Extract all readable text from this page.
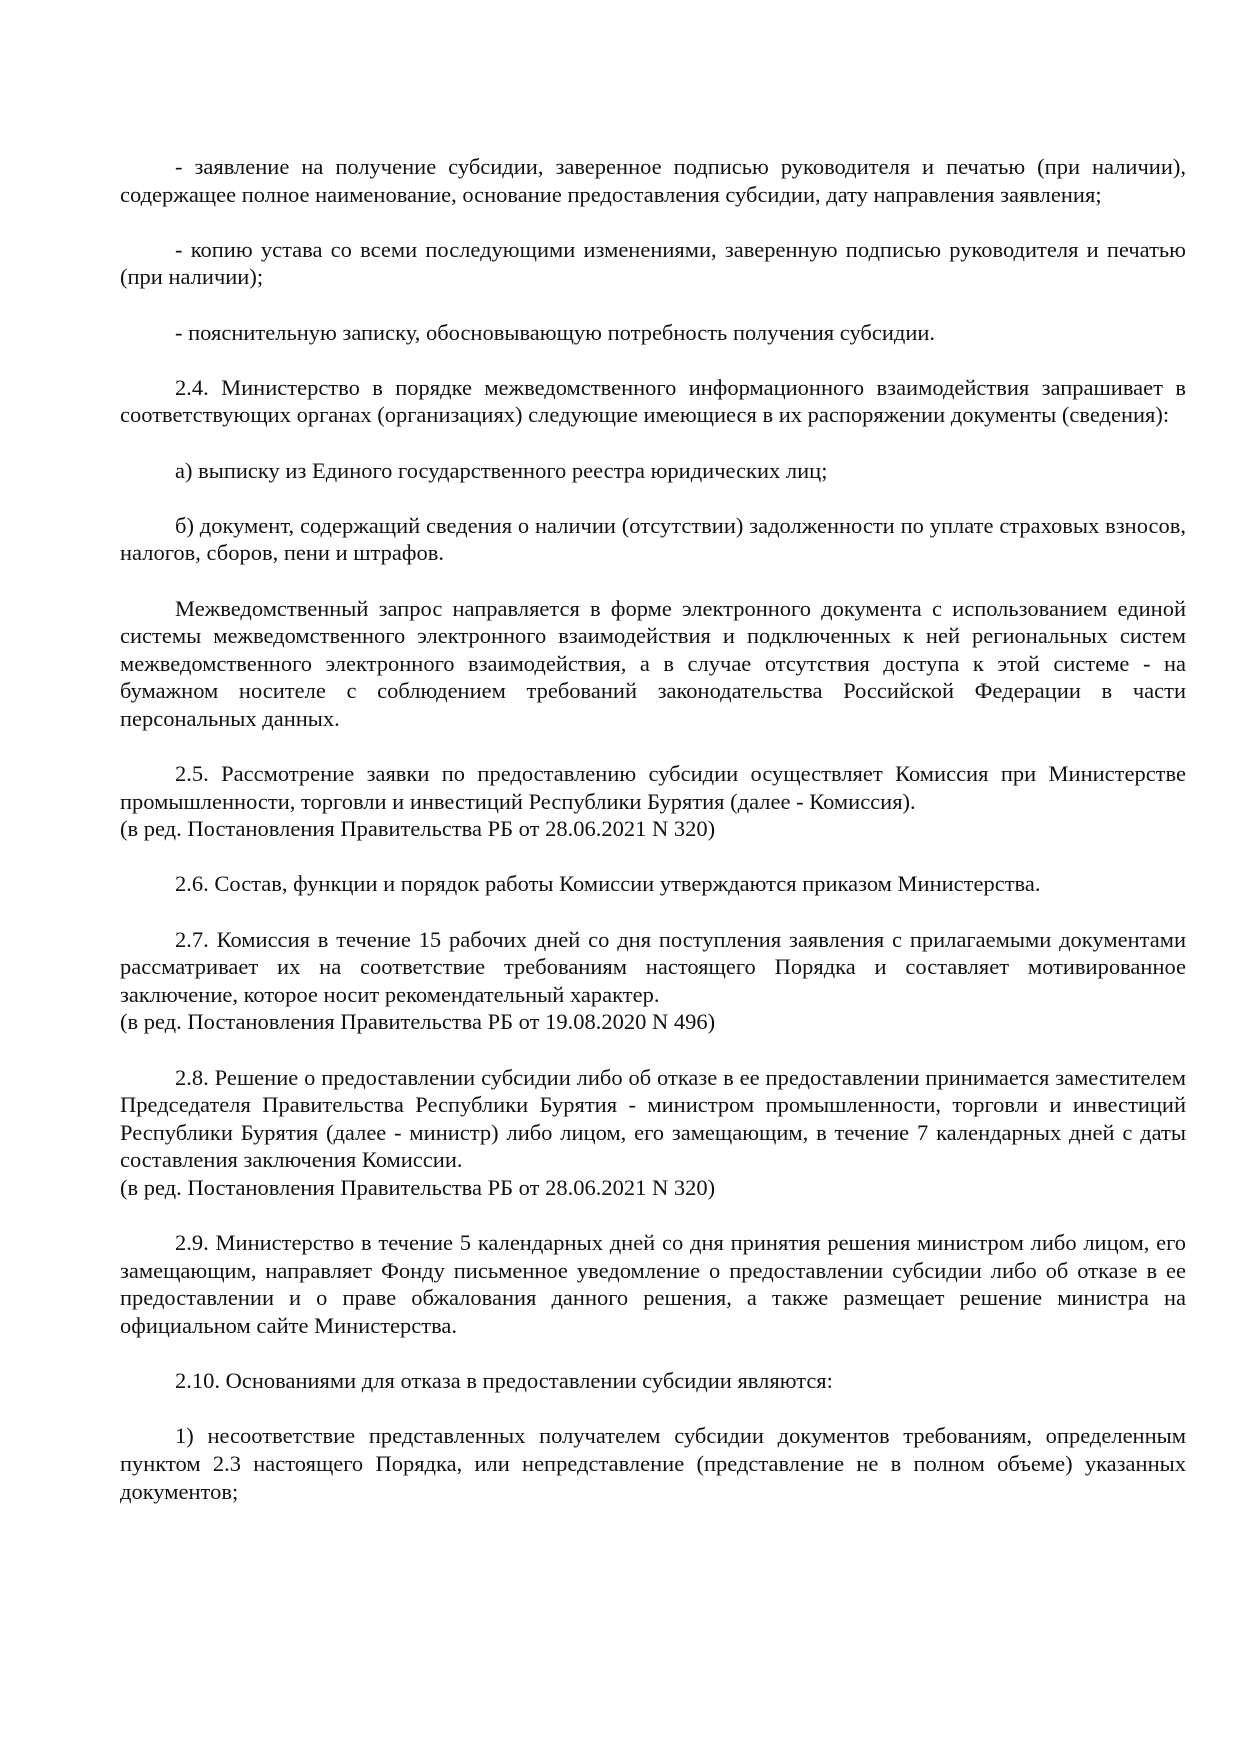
- заявление на получение субсидии, заверенное подписью руководителя и печатью (при наличии), содержащее полное наименование, основание предоставления субсидии, дату направления заявления;

- копию устава со всеми последующими изменениями, заверенную подписью руководителя и печатью (при наличии);

- пояснительную записку, обосновывающую потребность получения субсидии.

2.4. Министерство в порядке межведомственного информационного взаимодействия запрашивает в соответствующих органах (организациях) следующие имеющиеся в их распоряжении документы (сведения):

а) выписку из Единого государственного реестра юридических лиц;

б) документ, содержащий сведения о наличии (отсутствии) задолженности по уплате страховых взносов, налогов, сборов, пени и штрафов.

Межведомственный запрос направляется в форме электронного документа с использованием единой системы межведомственного электронного взаимодействия и подключенных к ней региональных систем межведомственного электронного взаимодействия, а в случае отсутствия доступа к этой системе - на бумажном носителе с соблюдением требований законодательства Российской Федерации в части персональных данных.

2.5. Рассмотрение заявки по предоставлению субсидии осуществляет Комиссия при Министерстве промышленности, торговли и инвестиций Республики Бурятия (далее - Комиссия).

(в ред. Постановления Правительства РБ от 28.06.2021 N 320)

2.6. Состав, функции и порядок работы Комиссии утверждаются приказом Министерства.

2.7. Комиссия в течение 15 рабочих дней со дня поступления заявления с прилагаемыми документами рассматривает их на соответствие требованиям настоящего Порядка и составляет мотивированное заключение, которое носит рекомендательный характер.

(в ред. Постановления Правительства РБ от 19.08.2020 N 496)

2.8. Решение о предоставлении субсидии либо об отказе в ее предоставлении принимается заместителем Председателя Правительства Республики Бурятия - министром промышленности, торговли и инвестиций Республики Бурятия (далее - министр) либо лицом, его замещающим, в течение 7 календарных дней с даты составления заключения Комиссии.

(в ред. Постановления Правительства РБ от 28.06.2021 N 320)

2.9. Министерство в течение 5 календарных дней со дня принятия решения министром либо лицом, его замещающим, направляет Фонду письменное уведомление о предоставлении субсидии либо об отказе в ее предоставлении и о праве обжалования данного решения, а также размещает решение министра на официальном сайте Министерства.

2.10. Основаниями для отказа в предоставлении субсидии являются:

1) несоответствие представленных получателем субсидии документов требованиям, определенным пунктом 2.3 настоящего Порядка, или непредставление (представление не в полном объеме) указанных документов;
